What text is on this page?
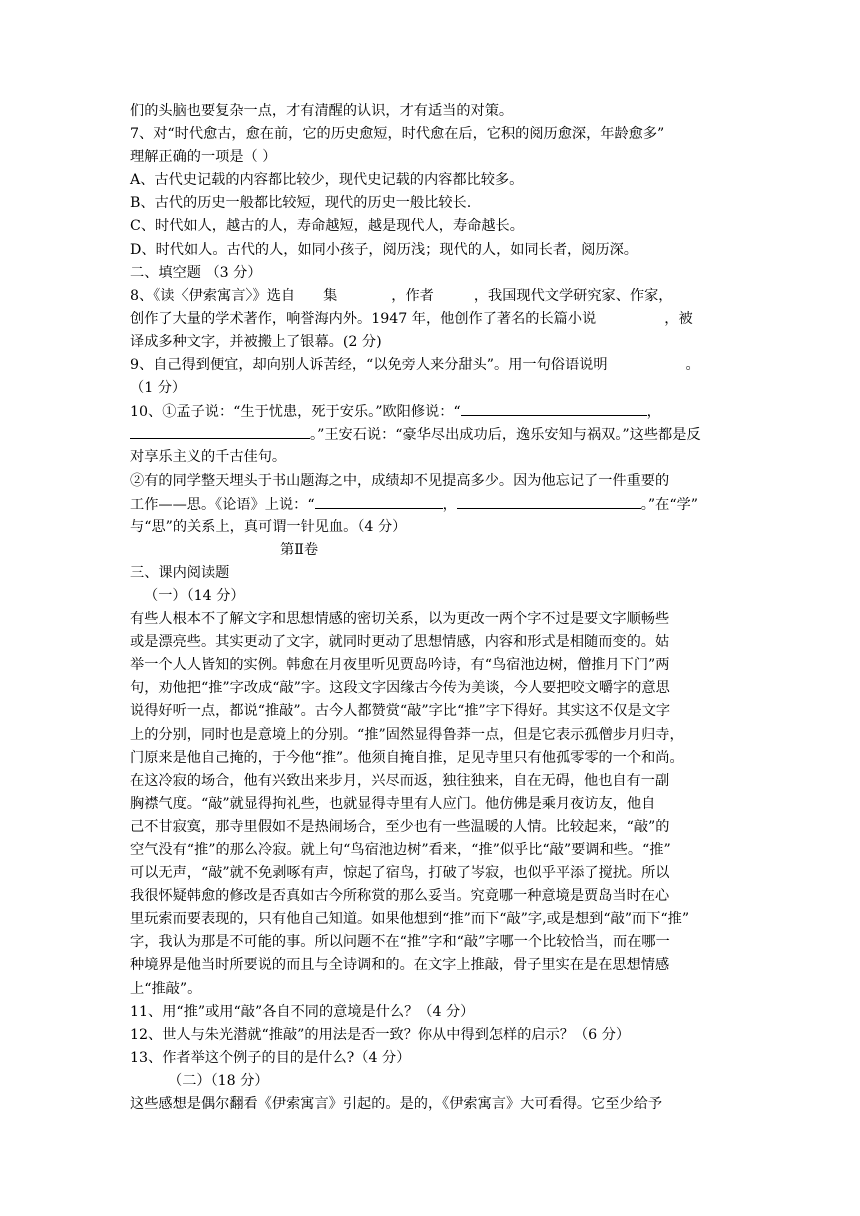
们的头脑也要复杂一点，才有清醒的认识，才有适当的对策。
7、对“时代愈古，愈在前，它的历史愈短，时代愈在后，它积的阅历愈深，年龄愈多”
理解正确的一项是（ ）
A、古代史记载的内容都比较少，现代史记载的内容都比较多。
B、古代的历史一般都比较短，现代的历史一般比较长.
C、时代如人，越古的人，寿命越短，越是现代人，寿命越长。
D、时代如人。古代的人，如同小孩子，阅历浅；现代的人，如同长者，阅历深。
二、填空题 （3 分）
8、《读〈伊索寓言〉》选自 集	，作者	，我国现代文学研究家、作家，
创作了大量的学术著作，响誉海内外。1947 年，他创作了著名的长篇小说	，被
译成多种文字，并被搬上了银幕。(2 分)
9、自己得到便宜，却向别人诉苦经，“以免旁人来分甜头”。用一句俗语说明	。
（1 分）
10、①孟子说：“生于忧患，死于安乐。”欧阳修说：“	，
。”王安石说：“豪华尽出成功后，逸乐安知与祸双。”这些都是反
对享乐主义的千古佳句。
②有的同学整天埋头于书山题海之中，成绩却不见提高多少。因为他忘记了一件重要的
工作——思。《论语》上说：“	，	。”在“学”
与“思”的关系上，真可谓一针见血。（4 分）
第Ⅱ卷
三、课内阅读题
（一）（14 分）
有些人根本不了解文字和思想情感的密切关系，以为更改一两个字不过是要文字顺畅些
或是漂亮些。其实更动了文字，就同时更动了思想情感，内容和形式是相随而变的。姑
举一个人人皆知的实例。韩愈在月夜里听见贾岛吟诗，有“鸟宿池边树，僧推月下门”两
句，劝他把“推”字改成“敲”字。这段文字因缘古今传为美谈，今人要把咬文嚼字的意思
说得好听一点，都说“推敲”。古今人都赞赏“敲”字比“推”字下得好。其实这不仅是文字
上的分别，同时也是意境上的分别。“推”固然显得鲁莽一点，但是它表示孤僧步月归寺，
门原来是他自己掩的，于今他“推”。他须自掩自推，足见寺里只有他孤零零的一个和尚。
在这冷寂的场合，他有兴致出来步月，兴尽而返，独往独来，自在无碍，他也自有一副
胸襟气度。“敲”就显得拘礼些，也就显得寺里有人应门。他仿佛是乘月夜访友，他自
己不甘寂寞，那寺里假如不是热闹场合，至少也有一些温暖的人情。比较起来，“敲”的
空气没有“推”的那么冷寂。就上句“鸟宿池边树”看来，“推”似乎比“敲”要调和些。“推”
可以无声，“敲”就不免剥啄有声，惊起了宿鸟，打破了岑寂，也似乎平添了搅扰。所以
我很怀疑韩愈的修改是否真如古今所称赏的那么妥当。究竟哪一种意境是贾岛当时在心
里玩索而要表现的，只有他自己知道。如果他想到“推”而下“敲”字,或是想到“敲”而下“推”
字，我认为那是不可能的事。所以问题不在“推”字和“敲”字哪一个比较恰当，而在哪一
种境界是他当时所要说的而且与全诗调和的。在文字上推敲，骨子里实在是在思想情感
上“推敲”。
11、用“推”或用“敲”各自不同的意境是什么？（4 分）
12、世人与朱光潜就“推敲”的用法是否一致？你从中得到怎样的启示？（6 分）
13、作者举这个例子的目的是什么?（4 分）
（二）（18 分）
这些感想是偶尔翻看《伊索寓言》引起的。是的，《伊索寓言》大可看得。它至少给予
